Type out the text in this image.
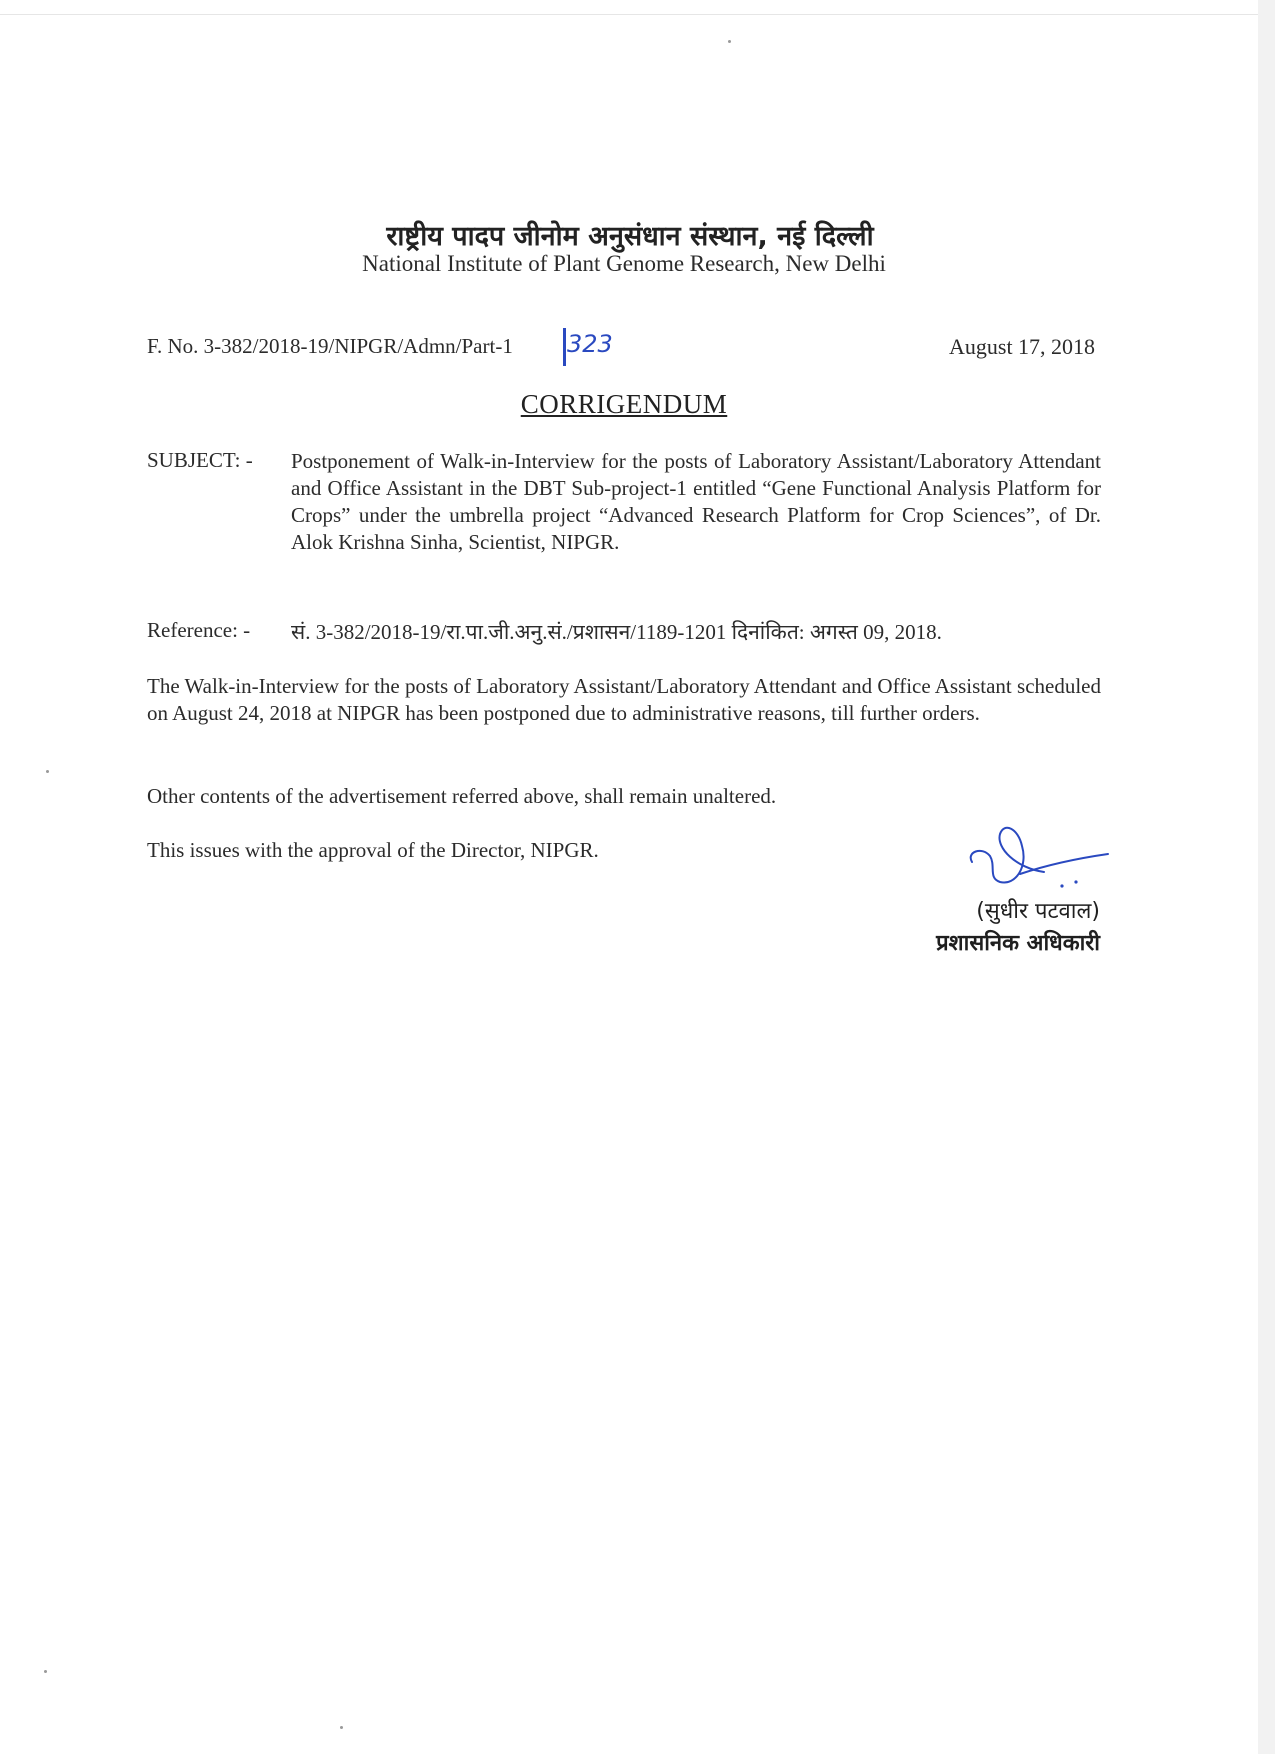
राष्ट्रीय पादप जीनोम अनुसंधान संस्थान, नई दिल्ली
National Institute of Plant Genome Research, New Delhi
F. No. 3-382/2018-19/NIPGR/Admn/Part-1 323	August 17, 2018
CORRIGENDUM
SUBJECT: - Postponement of Walk-in-Interview for the posts of Laboratory Assistant/Laboratory Attendant and Office Assistant in the DBT Sub-project-1 entitled “Gene Functional Analysis Platform for Crops” under the umbrella project “Advanced Research Platform for Crop Sciences”, of Dr. Alok Krishna Sinha, Scientist, NIPGR.
Reference: - सं. 3-382/2018-19/रा.पा.जी.अनु.सं./प्रशासन/1189-1201 दिनांकित: अगस्त 09, 2018.
The Walk-in-Interview for the posts of Laboratory Assistant/Laboratory Attendant and Office Assistant scheduled on August 24, 2018 at NIPGR has been postponed due to administrative reasons, till further orders.
Other contents of the advertisement referred above, shall remain unaltered.
This issues with the approval of the Director, NIPGR.
(सुधीर पटवाल)
प्रशासनिक अधिकारी
